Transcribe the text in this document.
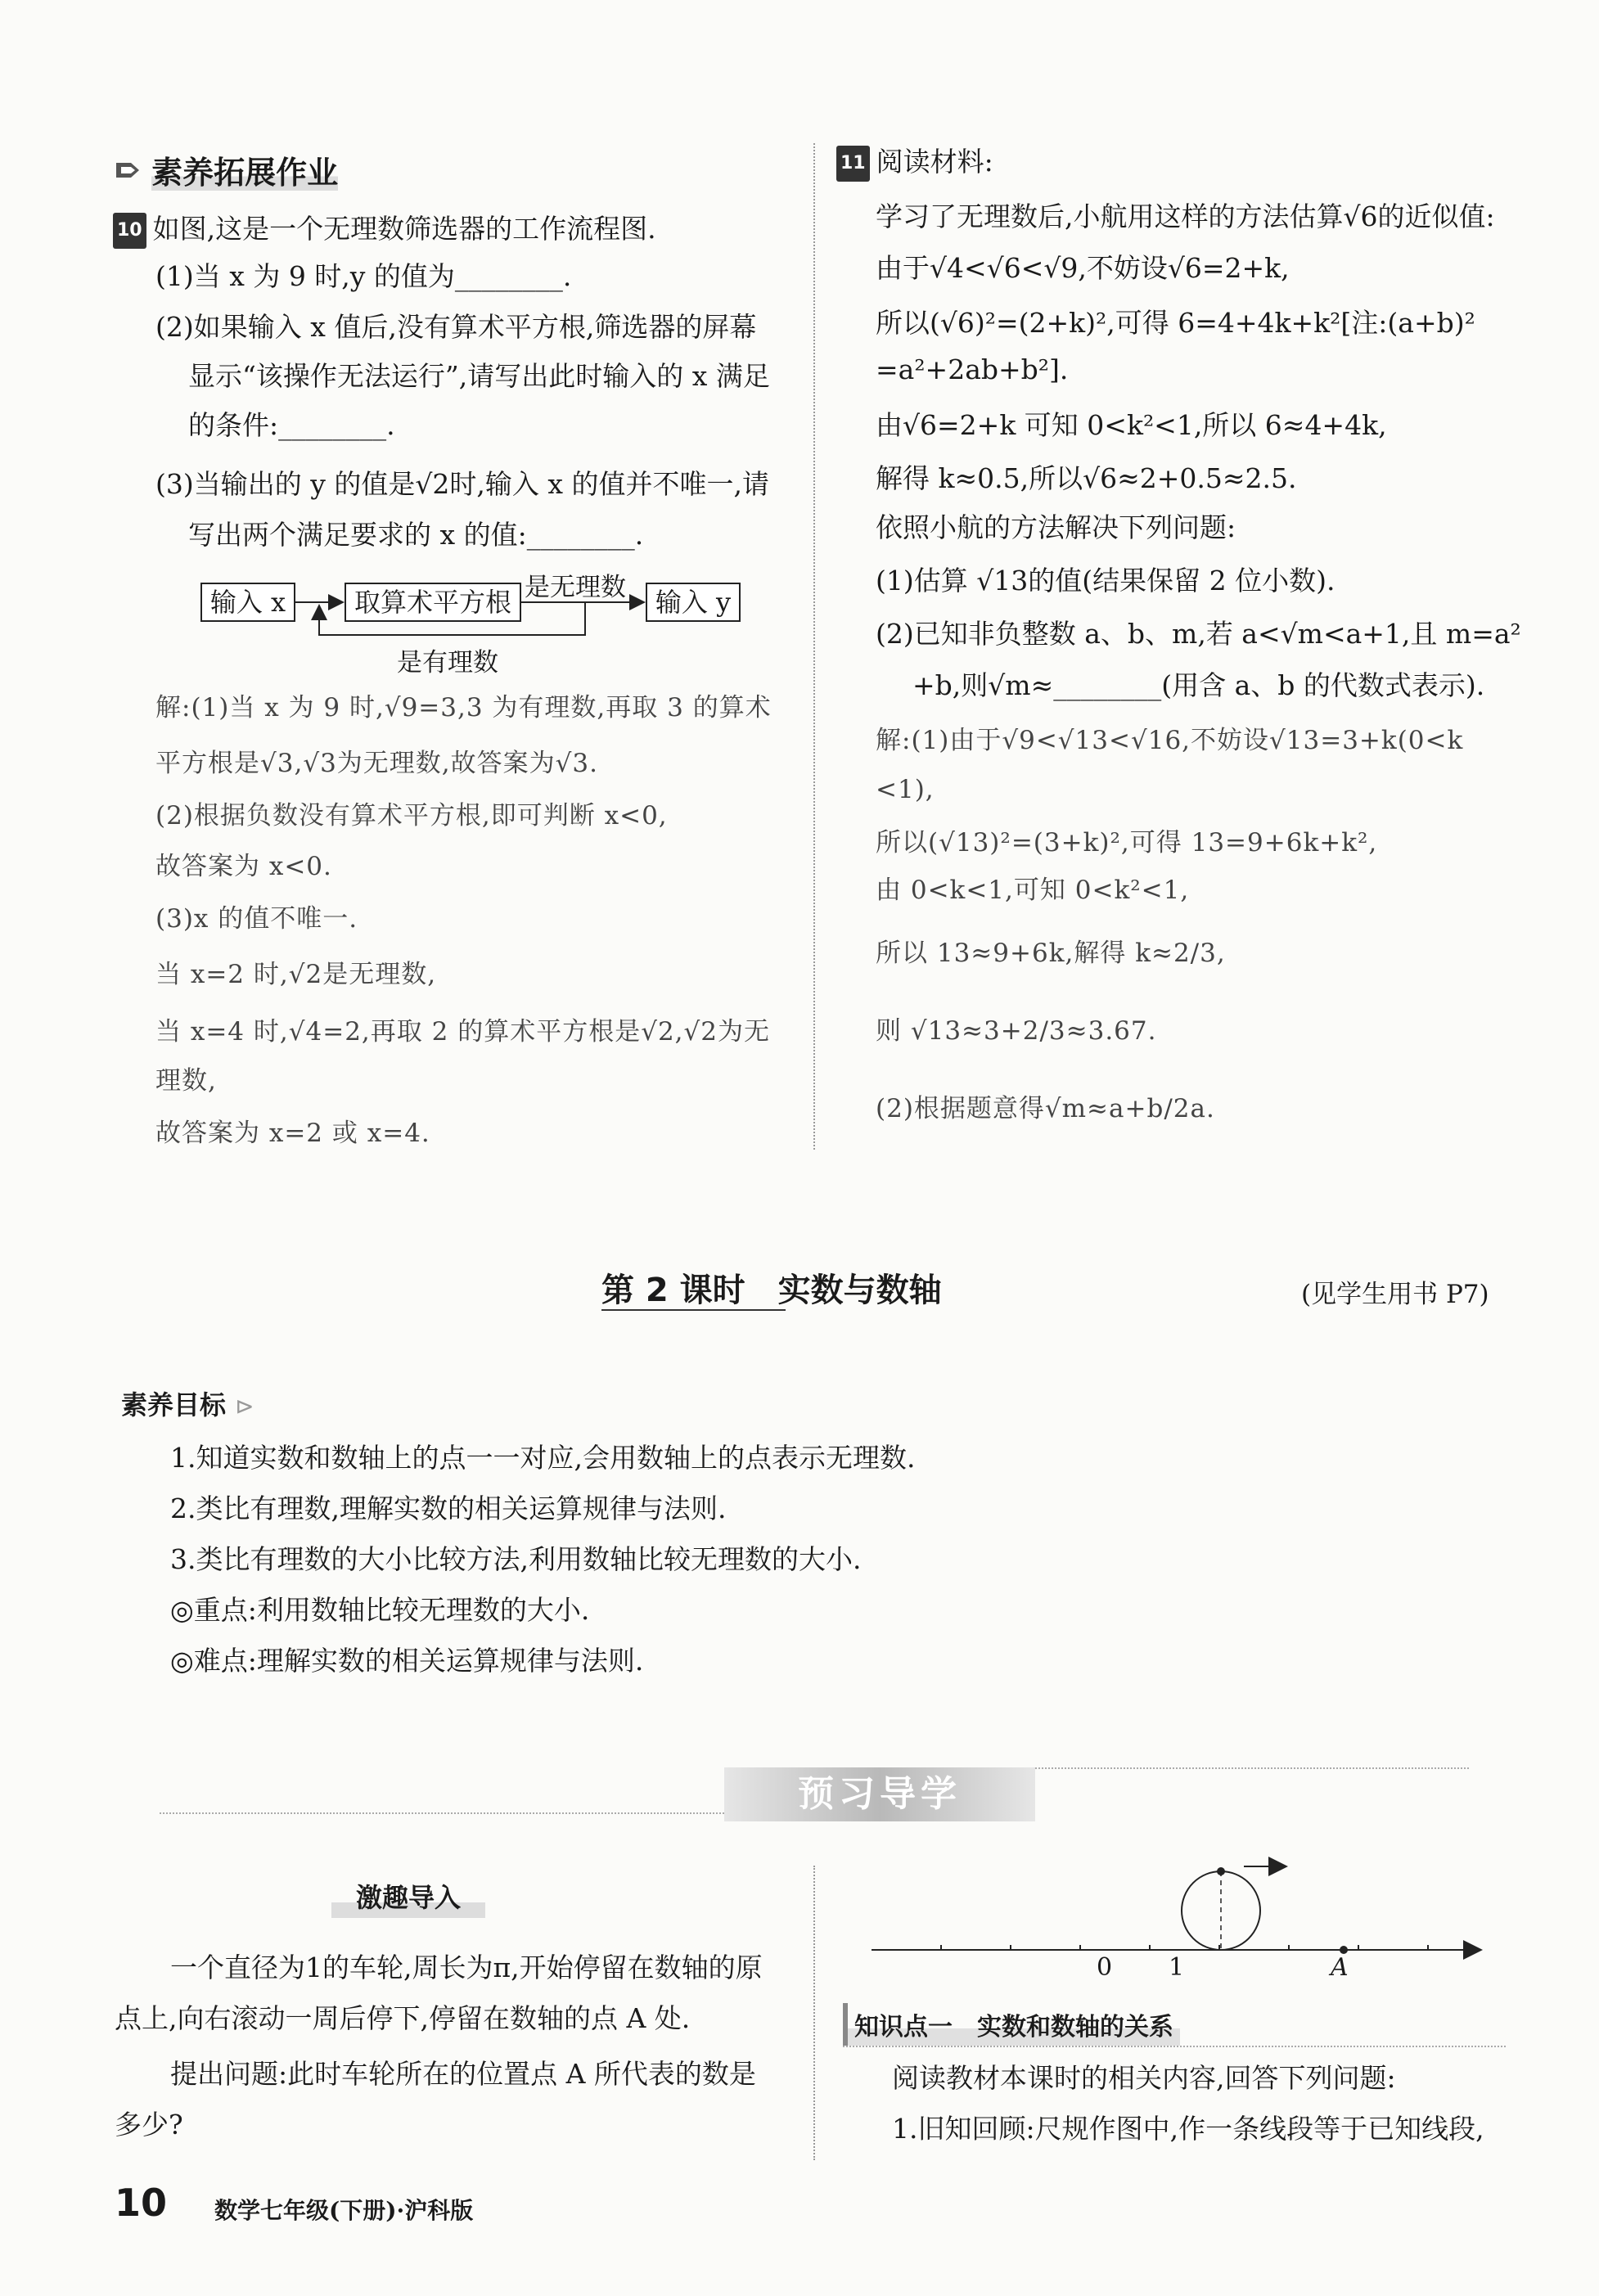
素养拓展作业
10 如图,这是一个无理数筛选器的工作流程图.
(1)当 x 为 9 时,y 的值为________.
(2)如果输入 x 值后,没有算术平方根,筛选器的屏幕
显示“该操作无法运行”,请写出此时输入的 x 满足
的条件:________.
(3)当输出的 y 的值是√2时,输入 x 的值并不唯一,请
写出两个满足要求的 x 的值:________.
输入 x	取算术平方根 是无理数	输入 y
是有理数
解:(1)当 x 为 9 时,√9=3,3 为有理数,再取 3 的算术
平方根是√3,√3为无理数,故答案为√3.
(2)根据负数没有算术平方根,即可判断 x<0,
故答案为 x<0.
(3)x 的值不唯一.
当 x=2 时,√2是无理数,
当 x=4 时,√4=2,再取 2 的算术平方根是√2,√2为无
理数,
故答案为 x=2 或 x=4.
11 阅读材料:
学习了无理数后,小航用这样的方法估算√6的近似值:
由于√4<√6<√9,不妨设√6=2+k,
所以(√6)²=(2+k)²,可得 6=4+4k+k²[注:(a+b)²
=a²+2ab+b²].
由√6=2+k 可知 0<k²<1,所以 6≈4+4k,
解得 k≈0.5,所以√6≈2+0.5≈2.5.
依照小航的方法解决下列问题:
(1)估算 √13的值(结果保留 2 位小数).
(2)已知非负整数 a、b、m,若 a<√m<a+1,且 m=a²
+b,则√m≈________(用含 a、b 的代数式表示).
解:(1)由于√9<√13<√16,不妨设√13=3+k(0<k
<1),
所以(√13)²=(3+k)²,可得 13=9+6k+k²,
由 0<k<1,可知 0<k²<1,
所以 13≈9+6k,解得 k≈2/3,
则 √13≈3+2/3≈3.67.
(2)根据题意得√m≈a+b/2a.
第 2 课时　实数与数轴	(见学生用书 P7)
素养目标 ⊳
1.知道实数和数轴上的点一一对应,会用数轴上的点表示无理数.
2.类比有理数,理解实数的相关运算规律与法则.
3.类比有理数的大小比较方法,利用数轴比较无理数的大小.
◎重点:利用数轴比较无理数的大小.
◎难点:理解实数的相关运算规律与法则.
预习导学
激趣导入
一个直径为1的车轮,周长为π,开始停留在数轴的原
点上,向右滚动一周后停下,停留在数轴的点 A 处.
提出问题:此时车轮所在的位置点 A 所代表的数是
多少?
0 1	A
知识点一　实数和数轴的关系
阅读教材本课时的相关内容,回答下列问题:
1.旧知回顾:尺规作图中,作一条线段等于已知线段,
10 数学七年级(下册)·沪科版
